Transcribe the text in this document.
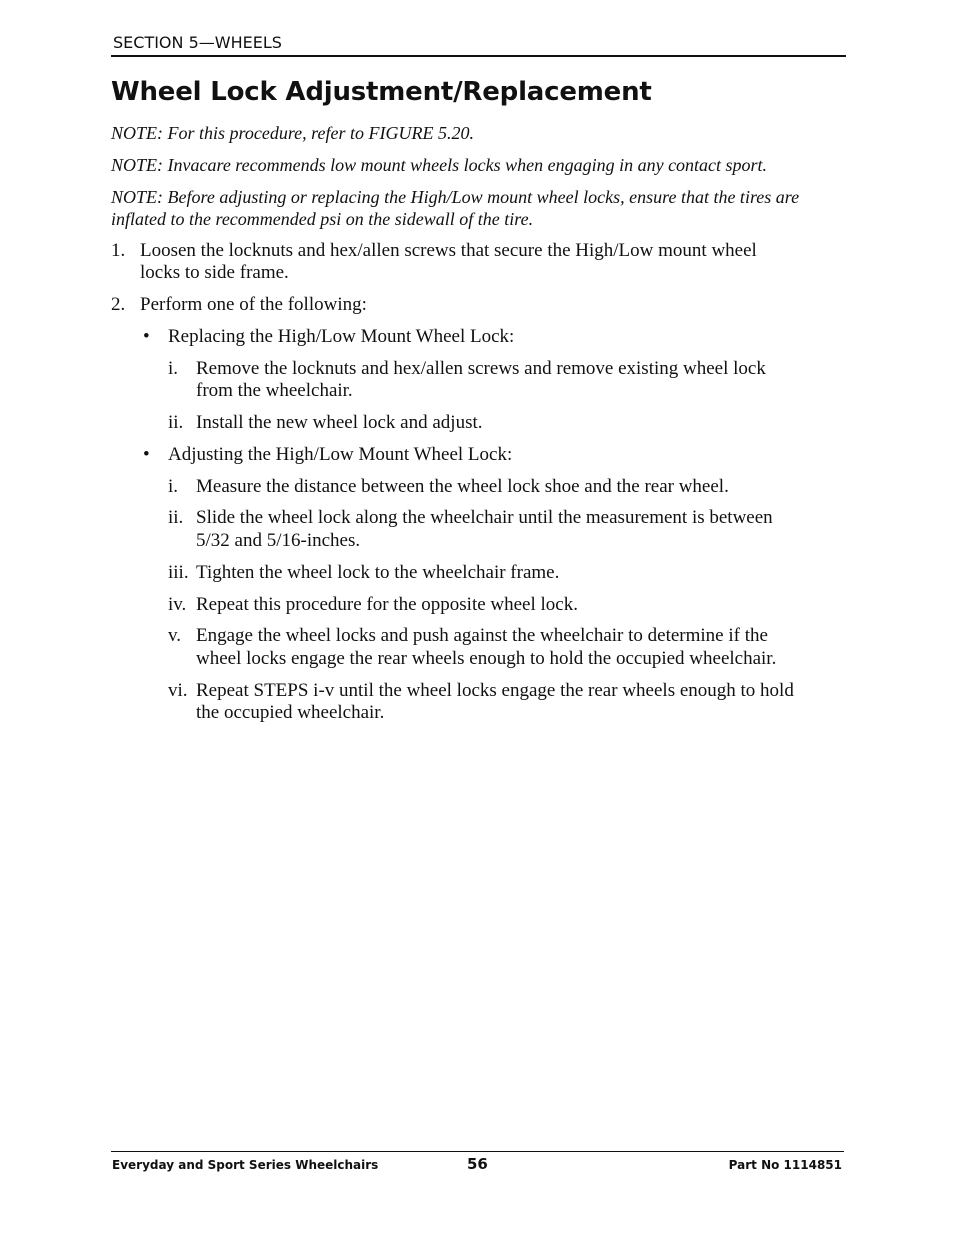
SECTION 5—WHEELS
Wheel Lock Adjustment/Replacement
NOTE: For this procedure, refer to FIGURE 5.20.
NOTE: Invacare recommends low mount wheels locks when engaging in any contact sport.
NOTE: Before adjusting or replacing the High/Low mount wheel locks, ensure that the tires are
inflated to the recommended psi on the sidewall of the tire.
1. Loosen the locknuts and hex/allen screws that secure the High/Low mount wheel
locks to side frame.
2. Perform one of the following:
• Replacing the High/Low Mount Wheel Lock:
i. Remove the locknuts and hex/allen screws and remove existing wheel lock
from the wheelchair.
ii. Install the new wheel lock and adjust.
• Adjusting the High/Low Mount Wheel Lock:
i. Measure the distance between the wheel lock shoe and the rear wheel.
ii. Slide the wheel lock along the wheelchair until the measurement is between
5/32 and 5/16-inches.
iii. Tighten the wheel lock to the wheelchair frame.
iv. Repeat this procedure for the opposite wheel lock.
v. Engage the wheel locks and push against the wheelchair to determine if the
wheel locks engage the rear wheels enough to hold the occupied wheelchair.
vi. Repeat STEPS i-v until the wheel locks engage the rear wheels enough to hold
the occupied wheelchair.
Everyday and Sport Series Wheelchairs	56	Part No 1114851
